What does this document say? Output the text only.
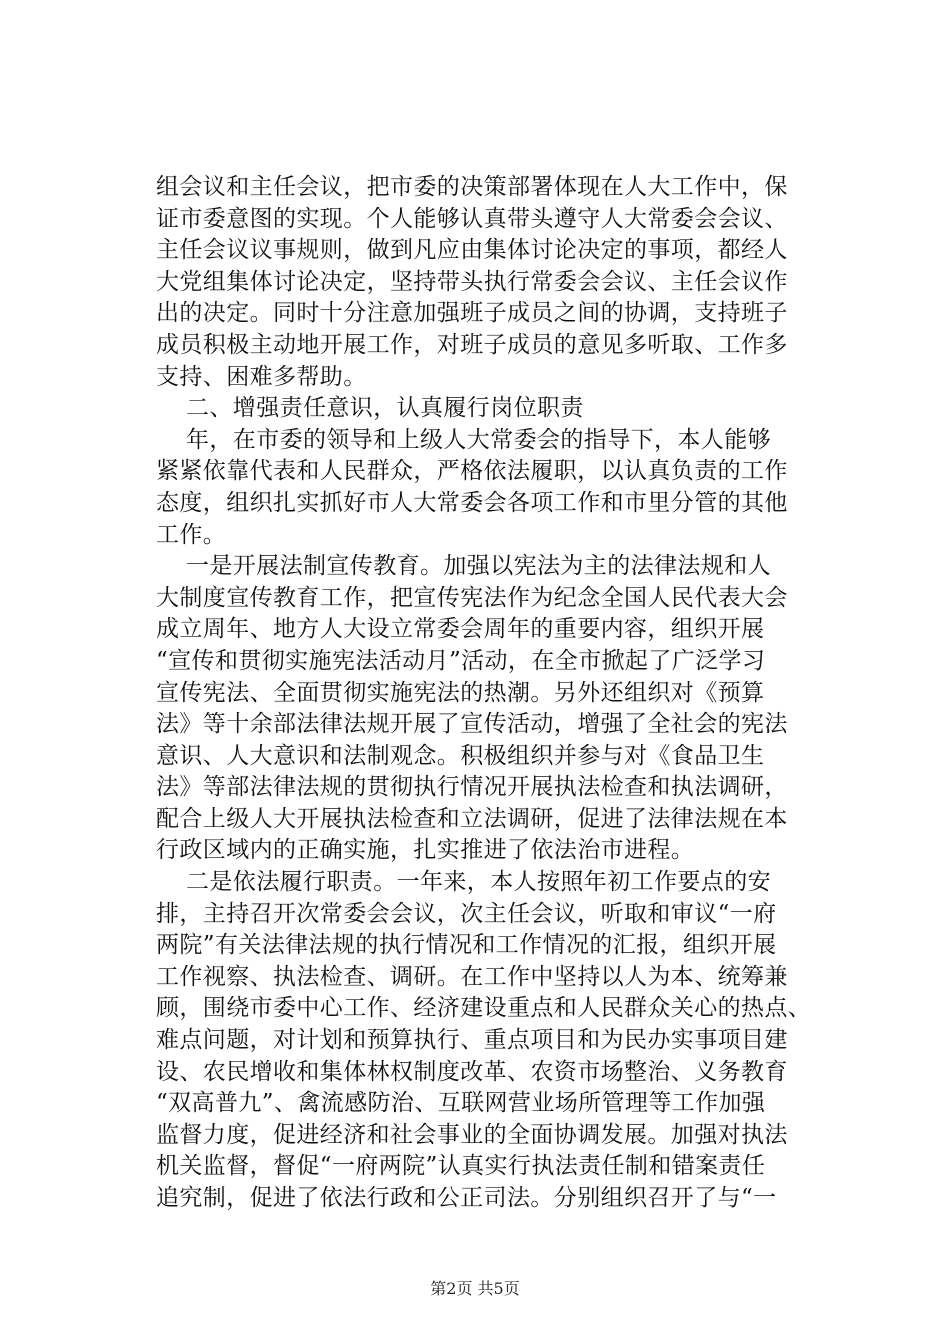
组会议和主任会议，把市委的决策部署体现在人大工作中，保
证市委意图的实现。个人能够认真带头遵守人大常委会会议、
主任会议议事规则，做到凡应由集体讨论决定的事项，都经人
大党组集体讨论决定，坚持带头执行常委会会议、主任会议作
出的决定。同时十分注意加强班子成员之间的协调，支持班子
成员积极主动地开展工作，对班子成员的意见多听取、工作多
支持、困难多帮助。
二、增强责任意识，认真履行岗位职责
年，在市委的领导和上级人大常委会的指导下，本人能够
紧紧依靠代表和人民群众，严格依法履职，以认真负责的工作
态度，组织扎实抓好市人大常委会各项工作和市里分管的其他
工作。
一是开展法制宣传教育。加强以宪法为主的法律法规和人
大制度宣传教育工作，把宣传宪法作为纪念全国人民代表大会
成立周年、地方人大设立常委会周年的重要内容，组织开展
“宣传和贯彻实施宪法活动月”活动，在全市掀起了广泛学习
宣传宪法、全面贯彻实施宪法的热潮。另外还组织对《预算
法》等十余部法律法规开展了宣传活动，增强了全社会的宪法
意识、人大意识和法制观念。积极组织并参与对《食品卫生
法》等部法律法规的贯彻执行情况开展执法检查和执法调研，
配合上级人大开展执法检查和立法调研，促进了法律法规在本
行政区域内的正确实施，扎实推进了依法治市进程。
二是依法履行职责。一年来，本人按照年初工作要点的安
排，主持召开次常委会会议，次主任会议，听取和审议“一府
两院”有关法律法规的执行情况和工作情况的汇报，组织开展
工作视察、执法检查、调研。在工作中坚持以人为本、统筹兼
顾，围绕市委中心工作、经济建设重点和人民群众关心的热点、
难点问题，对计划和预算执行、重点项目和为民办实事项目建
设、农民增收和集体林权制度改革、农资市场整治、义务教育
“双高普九”、禽流感防治、互联网营业场所管理等工作加强
监督力度，促进经济和社会事业的全面协调发展。加强对执法
机关监督，督促“一府两院”认真实行执法责任制和错案责任
追究制，促进了依法行政和公正司法。分别组织召开了与“一
第2页 共5页
